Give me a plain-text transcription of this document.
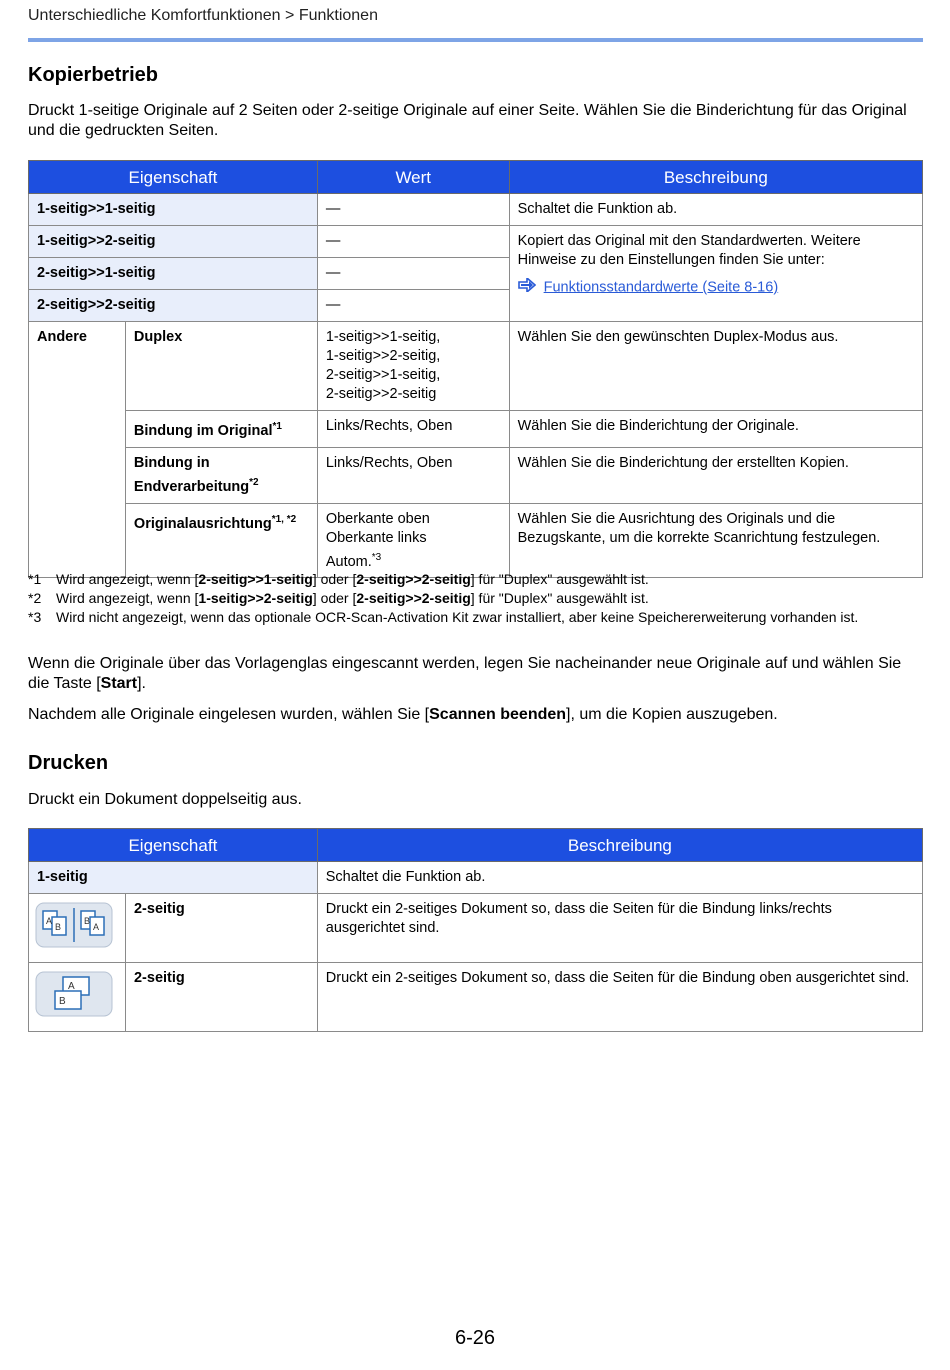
Unterschiedliche Komfortfunktionen > Funktionen
Kopierbetrieb

Druckt 1-seitige Originale auf 2 Seiten oder 2-seitige Originale auf einer Seite. Wählen Sie die Binderichtung für das Original und die gedruckten Seiten.

Eigenschaft		Wert	Beschreibung
1-seitig>>1-seitig		—	Schaltet die Funktion ab.
1-seitig>>2-seitig		—	Kopiert das Original mit den Standardwerten. Weitere Hinweise zu den Einstellungen finden Sie unter:
Funktionsstandardwerte (Seite 8-16)

2-seitig>>1-seitig		—	
2-seitig>>2-seitig		—	
Andere	Duplex	1-seitig>>1-seitig,
1-seitig>>2-seitig,
2-seitig>>1-seitig,
2-seitig>>2-seitig	Wählen Sie den gewünschten Duplex-Modus aus.
	Bindung im Original$^{*1}$	Links/Rechts, Oben	Wählen Sie die Binderichtung der Originale.

	Bindung in
Endverarbeitung$^{*2}$	Links/Rechts, Oben	Wählen Sie die Binderichtung der erstellten Kopien.
	Originalausrichtung$^{*1, *2}$	Oberkante oben
Oberkante links
Autom.$^{*3}$	Wählen Sie die Ausrichtung des Originals und die Bezugskante, um die korrekte Scanrichtung festzulegen.
*1	Wird angezeigt, wenn [2-seitig>>1-seitig] oder [2-seitig>>2-seitig] für "Duplex" ausgewählt ist.
*2	Wird angezeigt, wenn [1-seitig>>2-seitig] oder [2-seitig>>2-seitig] für "Duplex" ausgewählt ist.
*3	Wird nicht angezeigt, wenn das optionale OCR-Scan-Activation Kit zwar installiert, aber keine Speichererweiterung vorhanden ist.

Wenn die Originale über das Vorlagenglas eingescannt werden, legen Sie nacheinander neue Originale auf und wählen Sie die Taste [Start].

Nachdem alle Originale eingelesen wurden, wählen Sie [Scannen beenden], um die Kopien auszugeben.

Drucken

Druckt ein Dokument doppelseitig aus.

Eigenschaft		Beschreibung
1-seitig		Schaltet die Funktion ab.

A
B
B
A	2-seitig	Druckt ein 2-seitiges Dokument so, dass die Seiten für die Bindung links/rechts ausgerichtet sind.

A
B	2-seitig	Druckt ein 2-seitiges Dokument so, dass die Seiten für die Bindung oben ausgerichtet sind.
6-26
